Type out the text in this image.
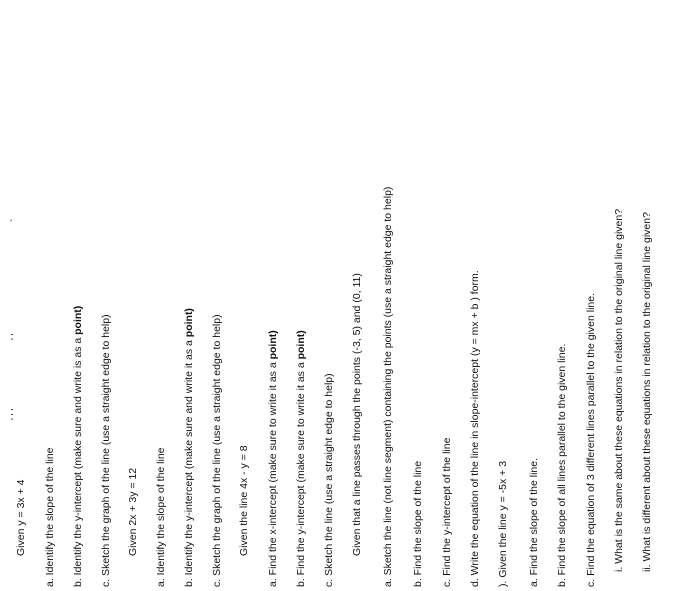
`
' '
' ' '
Given y = 3x + 4 a. Identify the slope of the line b. Identify the y-intercept (make sure and write is as a point) c. Sketch the graph of the line (use a straight edge to help) Given 2x + 3y = 12 a. Identify the slope of the line b. Identify the y-intercept (make sure and write it as a point) c. Sketch the graph of the line (use a straight edge to help) Given the line 4x - y = 8 a. Find the x-intercept (make sure to write it as a point)
b. Find the y-intercept (make sure to write it as a point)
c. Sketch the line (use a straight edge to help) Given that a line passes through the points (-3, 5) and (0, 11) a. Sketch the line (not line segment) containing the points (use a straight edge to help) b. Find the slope of the line c. Find the y-intercept of the line d. Write the equation of the line in slope-intercept (y = mx + b ) form. ). Given the line y = -5x + 3 a. Find the slope of the line. b. Find the slope of all lines parallel to the given line. c. Find the equation of 3 different lines parallel to the given line. i. What is the same about these equations in relation to the original line given? ii. What is different about these equations in relation to the original line given?
